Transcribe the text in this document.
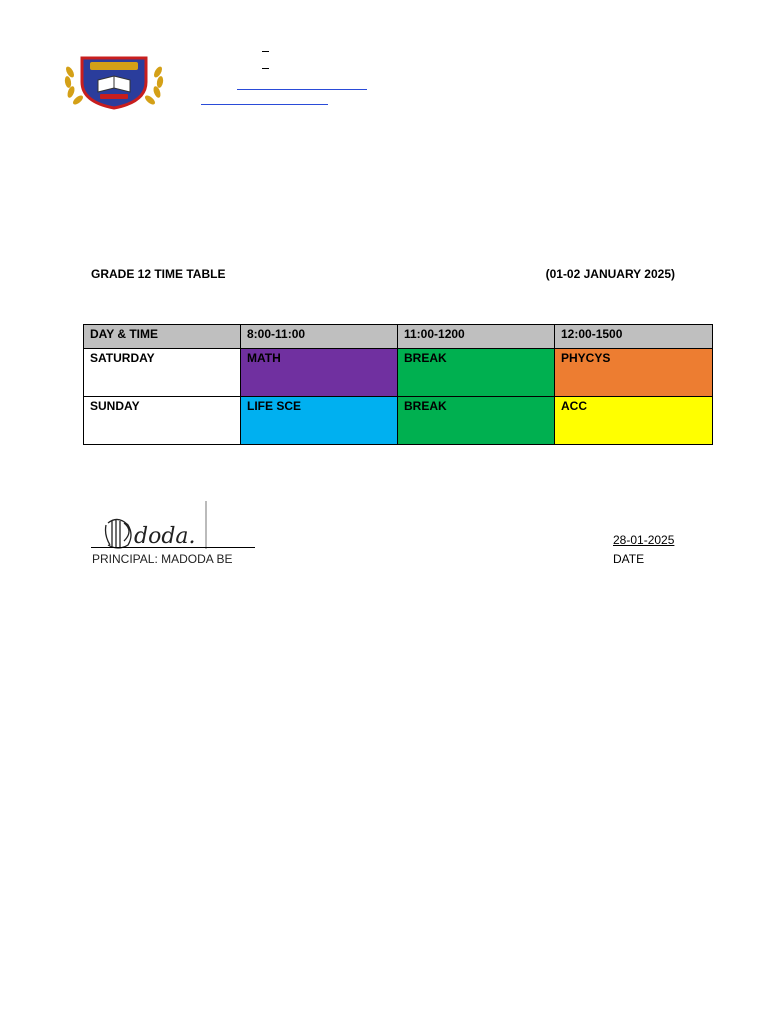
GRADE 12 TIME TABLE	(01-02 JANUARY 2025)
DAY & TIME	8:00-11:00	11:00-1200	12:00-1500
SATURDAY	MATH	BREAK	PHYCYS
SUNDAY	LIFE SCE	BREAK	ACC
doda.
PRINCIPAL: MADODA BE
28-01-2025
DATE
